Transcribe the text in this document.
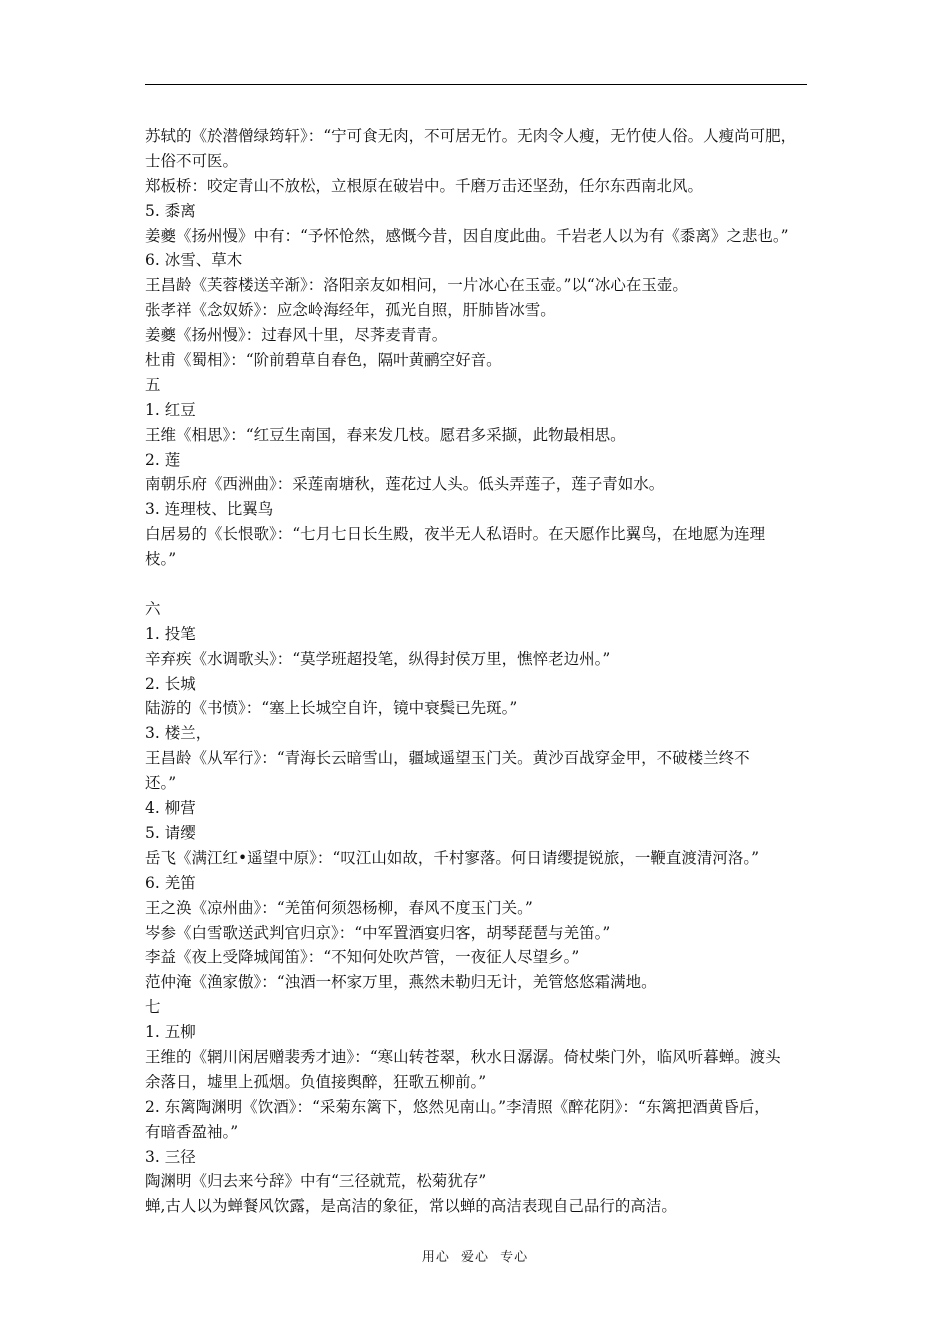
苏轼的《於潜僧绿筠轩》：“宁可食无肉，不可居无竹。无肉令人瘦，无竹使人俗。人瘦尚可肥，
士俗不可医。
郑板桥：咬定青山不放松，立根原在破岩中。千磨万击还坚劲，任尔东西南北风。
5. 黍离
姜夔《扬州慢》中有：“予怀怆然，感慨今昔，因自度此曲。千岩老人以为有《黍离》之悲也。”
6. 冰雪、草木
王昌龄《芙蓉楼送辛渐》：洛阳亲友如相问，一片冰心在玉壶。”以“冰心在玉壶。
张孝祥《念奴娇》：应念岭海经年，孤光自照，肝肺皆冰雪。
姜夔《扬州慢》：过春风十里，尽荠麦青青。
杜甫《蜀相》：“阶前碧草自春色，隔叶黄鹂空好音。
五
1. 红豆
王维《相思》：“红豆生南国，春来发几枝。愿君多采撷，此物最相思。
2. 莲
南朝乐府《西洲曲》：采莲南塘秋，莲花过人头。低头弄莲子，莲子青如水。
3. 连理枝、比翼鸟
白居易的《长恨歌》：“七月七日长生殿，夜半无人私语时。在天愿作比翼鸟，在地愿为连理
枝。”
六
1. 投笔
辛弃疾《水调歌头》：“莫学班超投笔，纵得封侯万里，憔悴老边州。”
2. 长城
陆游的《书愤》：“塞上长城空自许，镜中衰鬓已先斑。”
3. 楼兰，
王昌龄《从军行》：“青海长云暗雪山，疆域遥望玉门关。黄沙百战穿金甲，不破楼兰终不
还。”
4. 柳营
5. 请缨
岳飞《满江红•遥望中原》：“叹江山如故，千村寥落。何日请缨提锐旅，一鞭直渡清河洛。”
6. 羌笛
王之涣《凉州曲》：“羌笛何须怨杨柳，春风不度玉门关。”
岑参《白雪歌送武判官归京》：“中军置酒宴归客，胡琴琵琶与羌笛。”
李益《夜上受降城闻笛》：“不知何处吹芦管，一夜征人尽望乡。”
范仲淹《渔家傲》：“浊酒一杯家万里，燕然未勒归无计，羌管悠悠霜满地。
七
1. 五柳
王维的《辋川闲居赠裴秀才迪》：“寒山转苍翠，秋水日潺潺。倚杖柴门外，临风听暮蝉。渡头
余落日，墟里上孤烟。负值接舆醉，狂歌五柳前。”
2. 东篱陶渊明《饮酒》：“采菊东篱下，悠然见南山。”李清照《醉花阴》：“东篱把酒黄昏后，
有暗香盈袖。”
3. 三径
陶渊明《归去来兮辞》中有“三径就荒，松菊犹存”
蝉,古人以为蝉餐风饮露，是高洁的象征，常以蝉的高洁表现自己品行的高洁。
用心 爱心 专心
